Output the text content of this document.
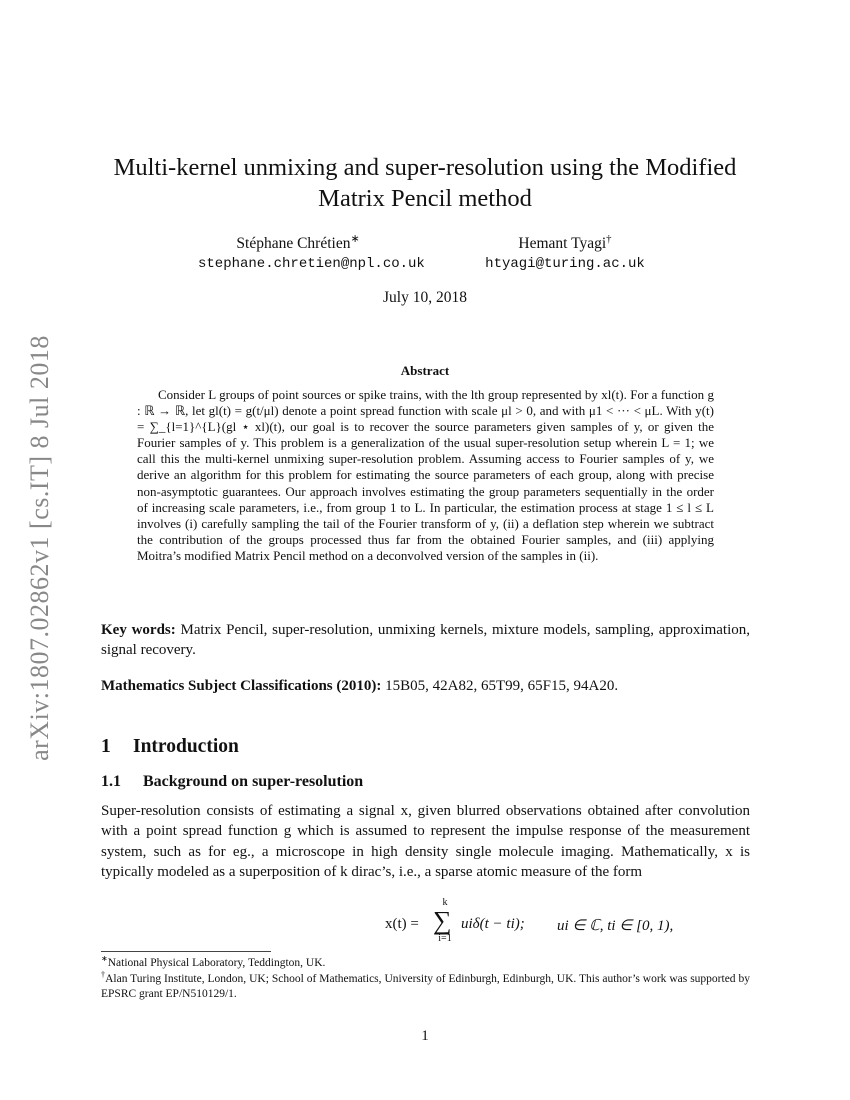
arXiv:1807.02862v1 [cs.IT] 8 Jul 2018
Multi-kernel unmixing and super-resolution using the Modified
Matrix Pencil method
Stéphane Chrétien∗
stephane.chretien@npl.co.uk
Hemant Tyagi†
htyagi@turing.ac.uk
July 10, 2018
Abstract

Consider L groups of point sources or spike trains, with the lth group represented by xl(t). For a function g : ℝ → ℝ, let gl(t) = g(t/μl) denote a point spread function with scale μl > 0, and with μ1 < ··· < μL. With y(t) = ∑_{l=1}^{L}(gl ⋆ xl)(t), our goal is to recover the source parameters given samples of y, or given the Fourier samples of y. This problem is a generalization of the usual super-resolution setup wherein L = 1; we call this the multi-kernel unmixing super-resolution problem. Assuming access to Fourier samples of y, we derive an algorithm for this problem for estimating the source parameters of each group, along with precise non-asymptotic guarantees. Our approach involves estimating the group parameters sequentially in the order of increasing scale parameters, i.e., from group 1 to L. In particular, the estimation process at stage 1 ≤ l ≤ L involves (i) carefully sampling the tail of the Fourier transform of y, (ii) a deflation step wherein we subtract the contribution of the groups processed thus far from the obtained Fourier samples, and (iii) applying Moitra’s modified Matrix Pencil method on a deconvolved version of the samples in (ii).

Key words: Matrix Pencil, super-resolution, unmixing kernels, mixture models, sampling, approximation, signal recovery.

Mathematics Subject Classifications (2010): 15B05, 42A82, 65T99, 65F15, 94A20.

1 Introduction
1.1 Background on super-resolution

Super-resolution consists of estimating a signal x, given blurred observations obtained after convolution with a point spread function g which is assumed to represent the impulse response of the measurement system, such as for eg., a microscope in high density single molecule imaging. Mathematically, x is typically modeled as a superposition of k dirac’s, i.e., a sparse atomic measure of the form

x(t) =
k
∑
i=1
uiδ(t − ti); ui ∈ ℂ, ti ∈ [0, 1),

∗National Physical Laboratory, Teddington, UK.

†Alan Turing Institute, London, UK; School of Mathematics, University of Edinburgh, Edinburgh, UK. This author’s work was supported by EPSRC grant EP/N510129/1.

1
